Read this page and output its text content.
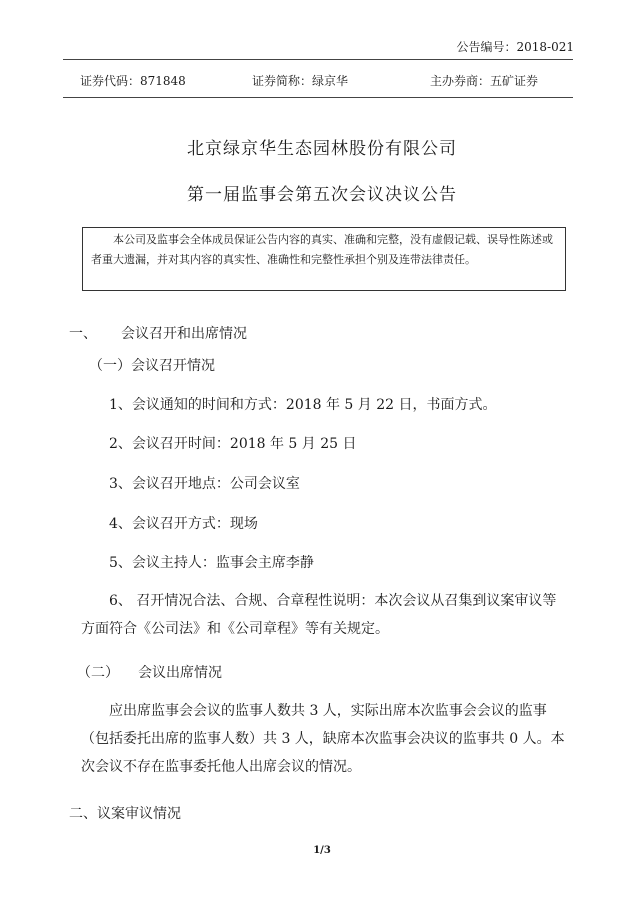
公告编号：2018-021
证券代码：871848	证券简称：绿京华	主办券商：五矿证券
北京绿京华生态园林股份有限公司
第一届监事会第五次会议决议公告
本公司及监事会全体成员保证公告内容的真实、准确和完整，没有虚假记载、误导性陈述或者重大遗漏，并对其内容的真实性、准确性和完整性承担个别及连带法律责任。
一、 会议召开和出席情况
（一） 会议召开情况
1、会议通知的时间和方式：2018 年 5 月 22 日，书面方式。
2、会议召开时间：2018 年 5 月 25 日
3、会议召开地点：公司会议室
4、会议召开方式：现场
5、会议主持人：监事会主席李静
6、 召开情况合法、合规、合章程性说明：本次会议从召集到议案审议等方面符合《公司法》和《公司章程》等有关规定。
（二） 会议出席情况
应出席监事会会议的监事人数共 3 人，实际出席本次监事会会议的监事（包括委托出席的监事人数）共 3 人，缺席本次监事会决议的监事共 0 人。本次会议不存在监事委托他人出席会议的情况。
二、议案审议情况
1/3
